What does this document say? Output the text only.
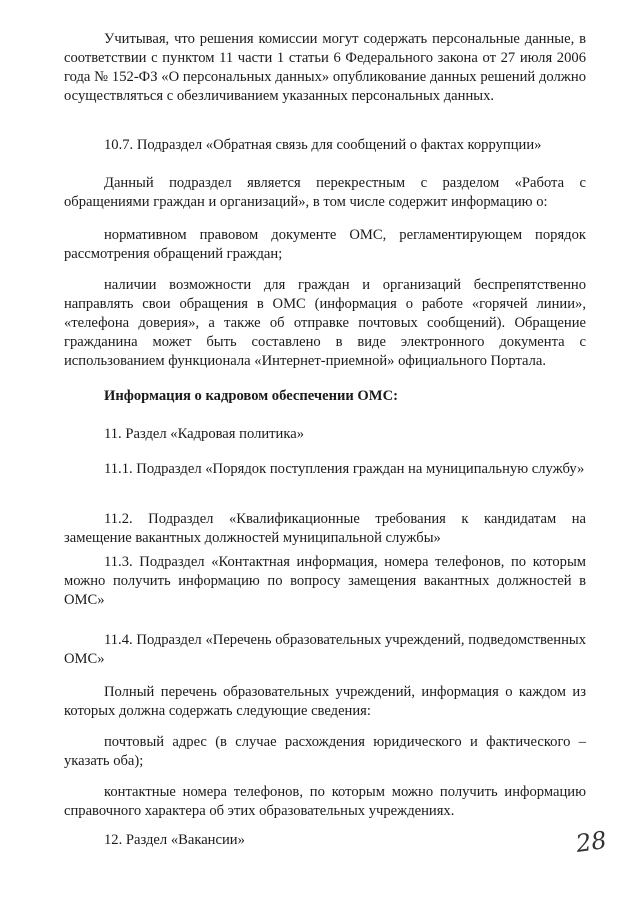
Учитывая, что решения комиссии могут содержать персональные данные, в соответствии с пунктом 11 части 1 статьи 6 Федерального закона от 27 июля 2006 года № 152-ФЗ «О персональных данных» опубликование данных решений должно осуществляться с обезличиванием указанных персональных данных.

10.7. Подраздел «Обратная связь для сообщений о фактах коррупции»

Данный подраздел является перекрестным с разделом «Работа с обращениями граждан и организаций», в том числе содержит информацию о:

нормативном правовом документе ОМС, регламентирующем порядок рассмотрения обращений граждан;

наличии возможности для граждан и организаций беспрепятственно направлять свои обращения в ОМС (информация о работе «горячей линии», «телефона доверия», а также об отправке почтовых сообщений). Обращение гражданина может быть составлено в виде электронного документа с использованием функционала «Интернет-приемной» официального Портала.

Информация о кадровом обеспечении ОМС:

11. Раздел «Кадровая политика»

11.1. Подраздел «Порядок поступления граждан на муниципальную службу»

11.2. Подраздел «Квалификационные требования к кандидатам на замещение вакантных должностей муниципальной службы»

11.3. Подраздел «Контактная информация, номера телефонов, по которым можно получить информацию по вопросу замещения вакантных должностей в ОМС»

11.4. Подраздел «Перечень образовательных учреждений, подведомственных ОМС»

Полный перечень образовательных учреждений, информация о каждом из которых должна содержать следующие сведения:

почтовый адрес (в случае расхождения юридического и фактического – указать оба);

контактные номера телефонов, по которым можно получить информацию справочного характера об этих образовательных учреждениях.

12. Раздел «Вакансии»	28
